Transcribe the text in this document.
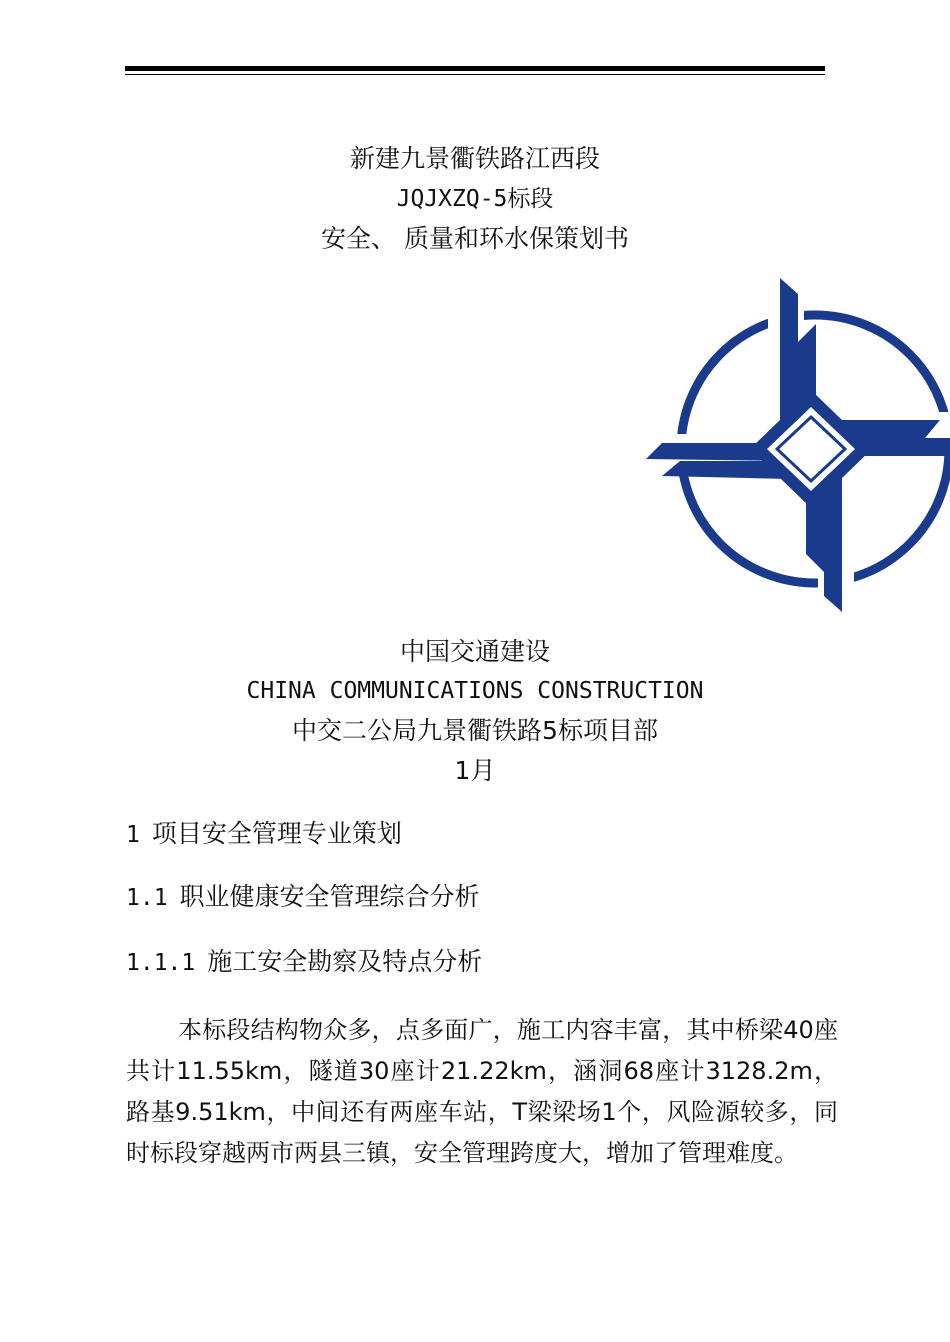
新建九景衢铁路江西段
JQJXZQ-5标段
安全、 质量和环水保策划书
中国交通建设
CHINA COMMUNICATIONS CONSTRUCTION
中交二公局九景衢铁路5标项目部
1月
1 项目安全管理专业策划
1.1 职业健康安全管理综合分析
1.1.1 施工安全勘察及特点分析

本标段结构物众多，点多面广，施工内容丰富，其中桥梁40座共计11.55km，隧道30座计21.22km，涵洞68座计3128.2m，路基9.51km，中间还有两座车站，T梁梁场1个，风险源较多，同时标段穿越两市两县三镇，安全管理跨度大，增加了管理难度。
